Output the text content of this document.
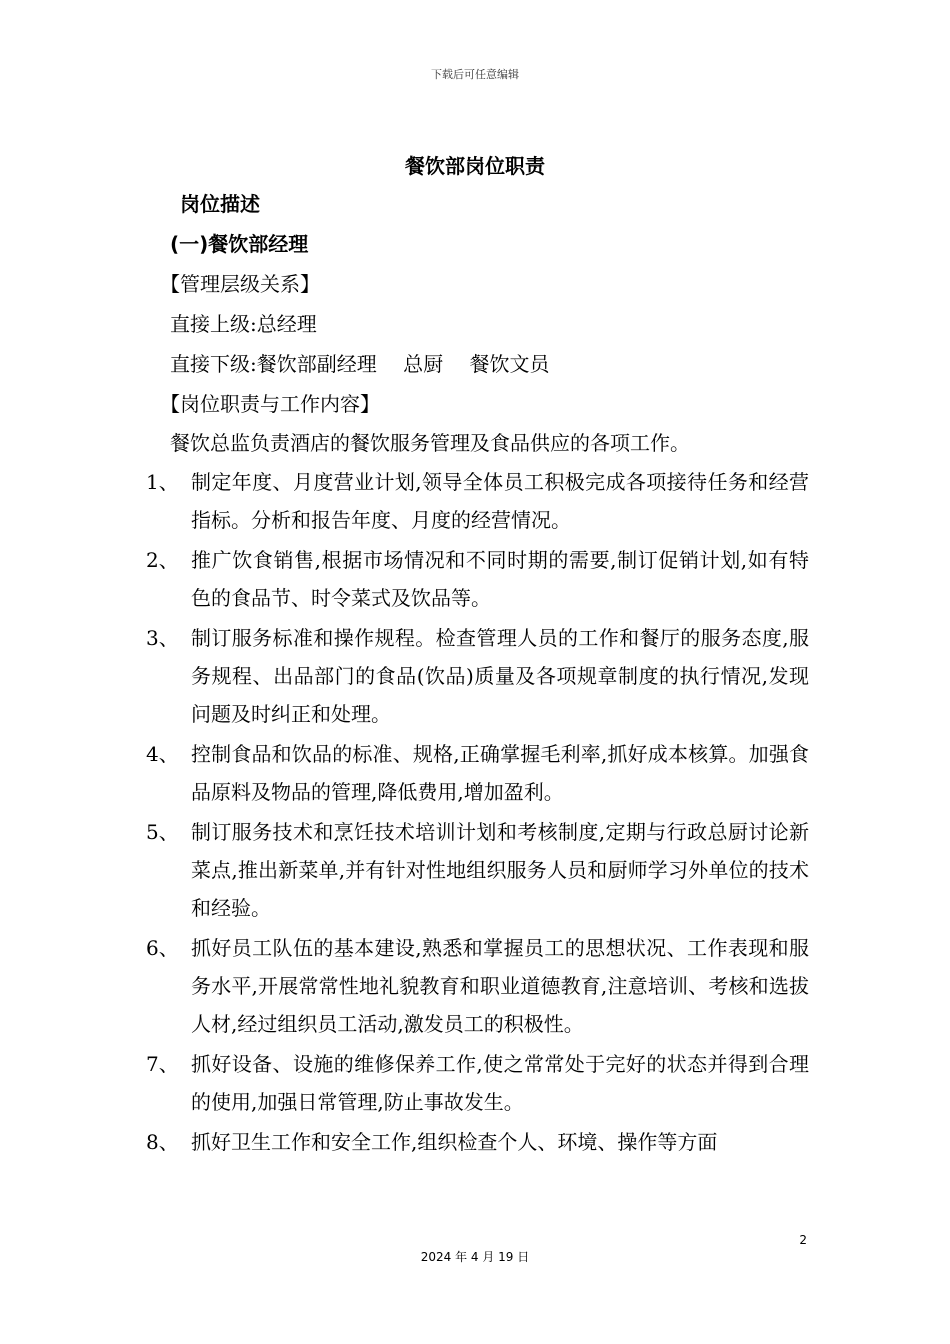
下载后可任意编辑
餐饮部岗位职责
岗位描述
(一)餐饮部经理
【管理层级关系】
直接上级:总经理
直接下级:餐饮部副经理　 总厨　 餐饮文员
【岗位职责与工作内容】
餐饮总监负责酒店的餐饮服务管理及食品供应的各项工作。
1、 制定年度、月度营业计划,领导全体员工积极完成各项接待任务和经营 指标。分析和报告年度、月度的经营情况。
2、 推广饮食销售,根据市场情况和不同时期的需要,制订促销计划,如有特色的食品节、时令菜式及饮品等。
3、 制订服务标准和操作规程。检查管理人员的工作和餐厅的服务态度,服务规程、出品部门的食品(饮品)质量及各项规章制度的执行情况,发现问题及时纠正和处理。
4、 控制食品和饮品的标准、规格,正确掌握毛利率,抓好成本核算。加强食品原料及物品的管理,降低费用,增加盈利。
5、 制订服务技术和烹饪技术培训计划和考核制度,定期与行政总厨讨论新菜点,推出新菜单,并有针对性地组织服务人员和厨师学习外单位的技术和经验。
6、 抓好员工队伍的基本建设,熟悉和掌握员工的思想状况、工作表现和服务水平,开展常常性地礼貌教育和职业道德教育,注意培训、考核和选拔人材,经过组织员工活动,激发员工的积极性。
7、 抓好设备、设施的维修保养工作,使之常常处于完好的状态并得到合理的使用,加强日常管理,防止事故发生。
8、 抓好卫生工作和安全工作,组织检查个人、环境、操作等方面
2
2024 年 4 月 19 日
